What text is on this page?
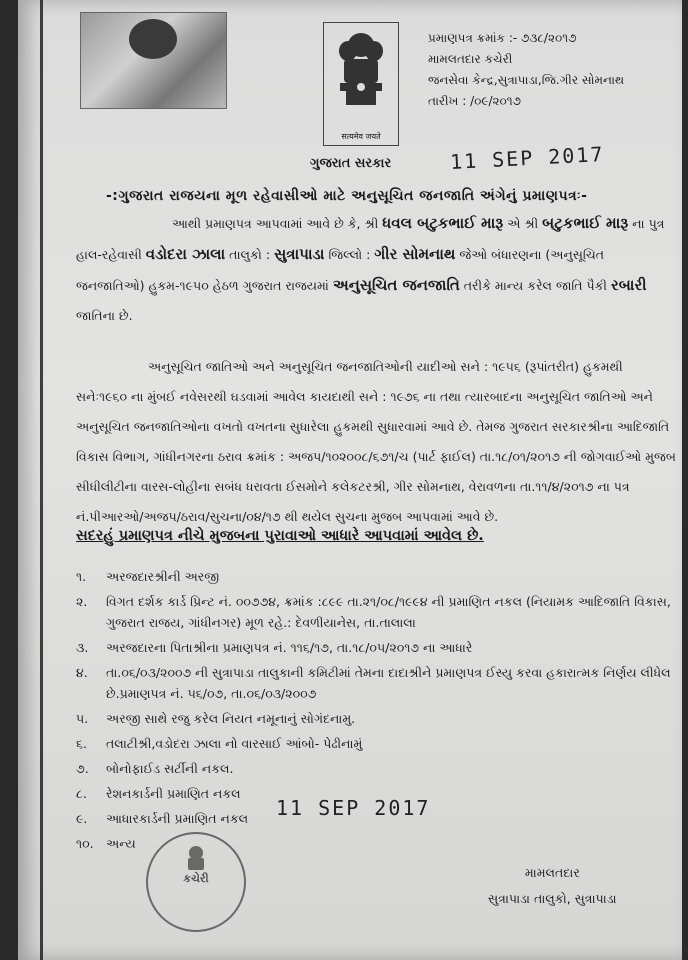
सत्यमेव जयते
ગુજરાત સરકાર
પ્રમાણપત્ર ક્રમાંક :- ૭૩૮/૨૦૧૭
મામલતદાર કચેરી
જનસેવા કેન્દ્ર,સુત્રાપાડા,જિ.ગીર સોમનાથ
તારીખ : /૦૯/૨૦૧૭
11 SEP 2017
-:ગુજરાત રાજયના મૂળ રહેવાસીઓ માટે અનુસૂચિત જનજાતિ અંગેનું પ્રમાણપત્રઃ-
આથી પ્રમાણપત્ર આપવામાં આવે છે કે, શ્રી ધવલ બટુકભાઈ મારૂ એ શ્રી બટુકભાઈ મારૂ ના પુત્ર હાલ-રહેવાસી વડોદરા ઝાલા તાલુકો : સુત્રાપાડા જિલ્લો : ગીર સોમનાથ જેઓ બંધારણના (અનુસૂચિત જનજાતિઓ) હુકમ-૧૯૫૦ હેઠળ ગુજરાત રાજયમાં અનુસૂચિત જનજાતિ તરીકે માન્ય કરેલ જાતિ પૈકી રબારી જાતિના છે.
અનુસૂચિત જાતિઓ અને અનુસૂચિત જનજાતિઓની યાદીઓ સને : ૧૯૫૬ (રૂપાંતરીત) હુકમથી સનેઃ૧૯૬૦ ના મુંબઈ નવેસરથી ઘડવામાં આવેલ કાયદાથી સને : ૧૯૭૬ ના તથા ત્યારબાદના અનુસૂચિત જાતિઓ અને અનુસૂચિત જનજાતિઓના વખતો વખતના સુધારેલા હુકમથી સુધારવામાં આવે છે. તેમજ ગુજરાત સરકારશ્રીના આદિજાતિ વિકાસ વિભાગ, ગાંધીનગરના ઠરાવ ક્રમાંક : અજપ/૧૦૨૦૦૮/૬૭૧/ચ (પાર્ટ ફાઈલ) તા.૧૮/૦૧/૨૦૧૭ ની જોગવાઈઓ મુજબ સીધીલીટીના વારસ-લોહીના સબંધ ધરાવતા ઈસમોને કલેકટરશ્રી, ગીર સોમનાથ, વેરાવળના તા.૧૧/૪/૨૦૧૭ ના પત્ર નં.પીઆરઓ/અજપ/ઠરાવ/સુચના/૦૪/૧૭ થી થયેલ સુચના મુજબ આપવામાં આવે છે.
સદરહું પ્રમાણપત્ર નીચે મુજબના પુરાવાઓ આધારે આપવામાં આવેલ છે.
૧.	અરજદારશ્રીની અરજી
૨.	વિગત દર્શક કાર્ડ પ્રિન્ટ નં. ૦૦૭૭૪, ક્રમાંક :૮૯૯ તા.૨૧/૦૮/૧૯૯૪ ની પ્રમાણિત નકલ (નિયામક આદિજાતિ વિકાસ, ગુજરાત રાજય, ગાંધીનગર) મૂળ રહે.: દેવળીયાનેસ, તા.તાલાલા
૩.	અરજદારના પિતાશ્રીના પ્રમાણપત્ર નં. ૧૧૬/૧૭, તા.૧૮/૦૫/૨૦૧૭ ના આધારે
૪.	તા.૦૬/૦૩/૨૦૦૭ ની સુત્રાપાડા તાલુકાની કમિટીમાં તેમના દાદાશ્રીને પ્રમાણપત્ર ઈસ્યુ કરવા હકારાત્મક નિર્ણય લીધેલ છે.પ્રમાણપત્ર નં. ૫૬/૦૭, તા.૦૬/૦૩/૨૦૦૭
૫.	અરજી સાથે રજુ કરેલ નિયત નમૂનાનું સોગંદનામુ.
૬.	તલાટીશ્રી,વડોદરા ઝાલા નો વારસાઈ આંબો- પેઢીનામું
૭.	બોનોફાઈડ સર્ટીની નકલ.
૮.	રેશનકાર્ડની પ્રમાણિત નકલ
૯.	આધારકાર્ડની પ્રમાણિત નકલ
૧૦. અન્ય
11 SEP 2017
કચેરી	મામલતદાર
સુત્રાપાડા તાલુકો, સુત્રાપાડા
